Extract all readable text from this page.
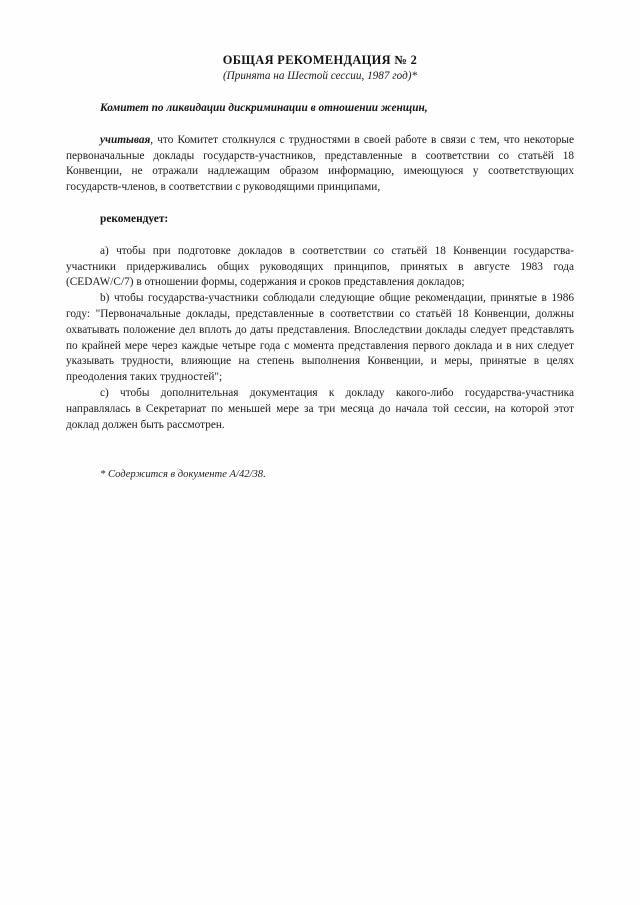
ОБЩАЯ РЕКОМЕНДАЦИЯ № 2

(Принята на Шестой сессии, 1987 год)*

Комитет по ликвидации дискриминации в отношении женщин,

учитывая, что Комитет столкнулся с трудностями в своей работе в связи с тем, что некоторые первоначальные доклады государств-участников, представленные в соответствии со статьёй 18 Конвенции, не отражали надлежащим образом информацию, имеющуюся у соответствующих государств-членов, в соответствии с руководящими принципами,

рекомендует:

a) чтобы при подготовке докладов в соответствии со статьёй 18 Конвенции государства-участники придерживались общих руководящих принципов, принятых в августе 1983 года (CEDAW/C/7) в отношении формы, содержания и сроков представления докладов;

b) чтобы государства-участники соблюдали следующие общие рекомендации, принятые в 1986 году: "Первоначальные доклады, представленные в соответствии со статьёй 18 Конвенции, должны охватывать положение дел вплоть до даты представления. Впоследствии доклады следует представлять по крайней мере через каждые четыре года с момента представления первого доклада и в них следует указывать трудности, влияющие на степень выполнения Конвенции, и меры, принятые в целях преодоления таких трудностей";

c) чтобы дополнительная документация к докладу какого-либо государства-участника направлялась в Секретариат по меньшей мере за три месяца до начала той сессии, на которой этот доклад должен быть рассмотрен.

* Содержится в документе A/42/38.
